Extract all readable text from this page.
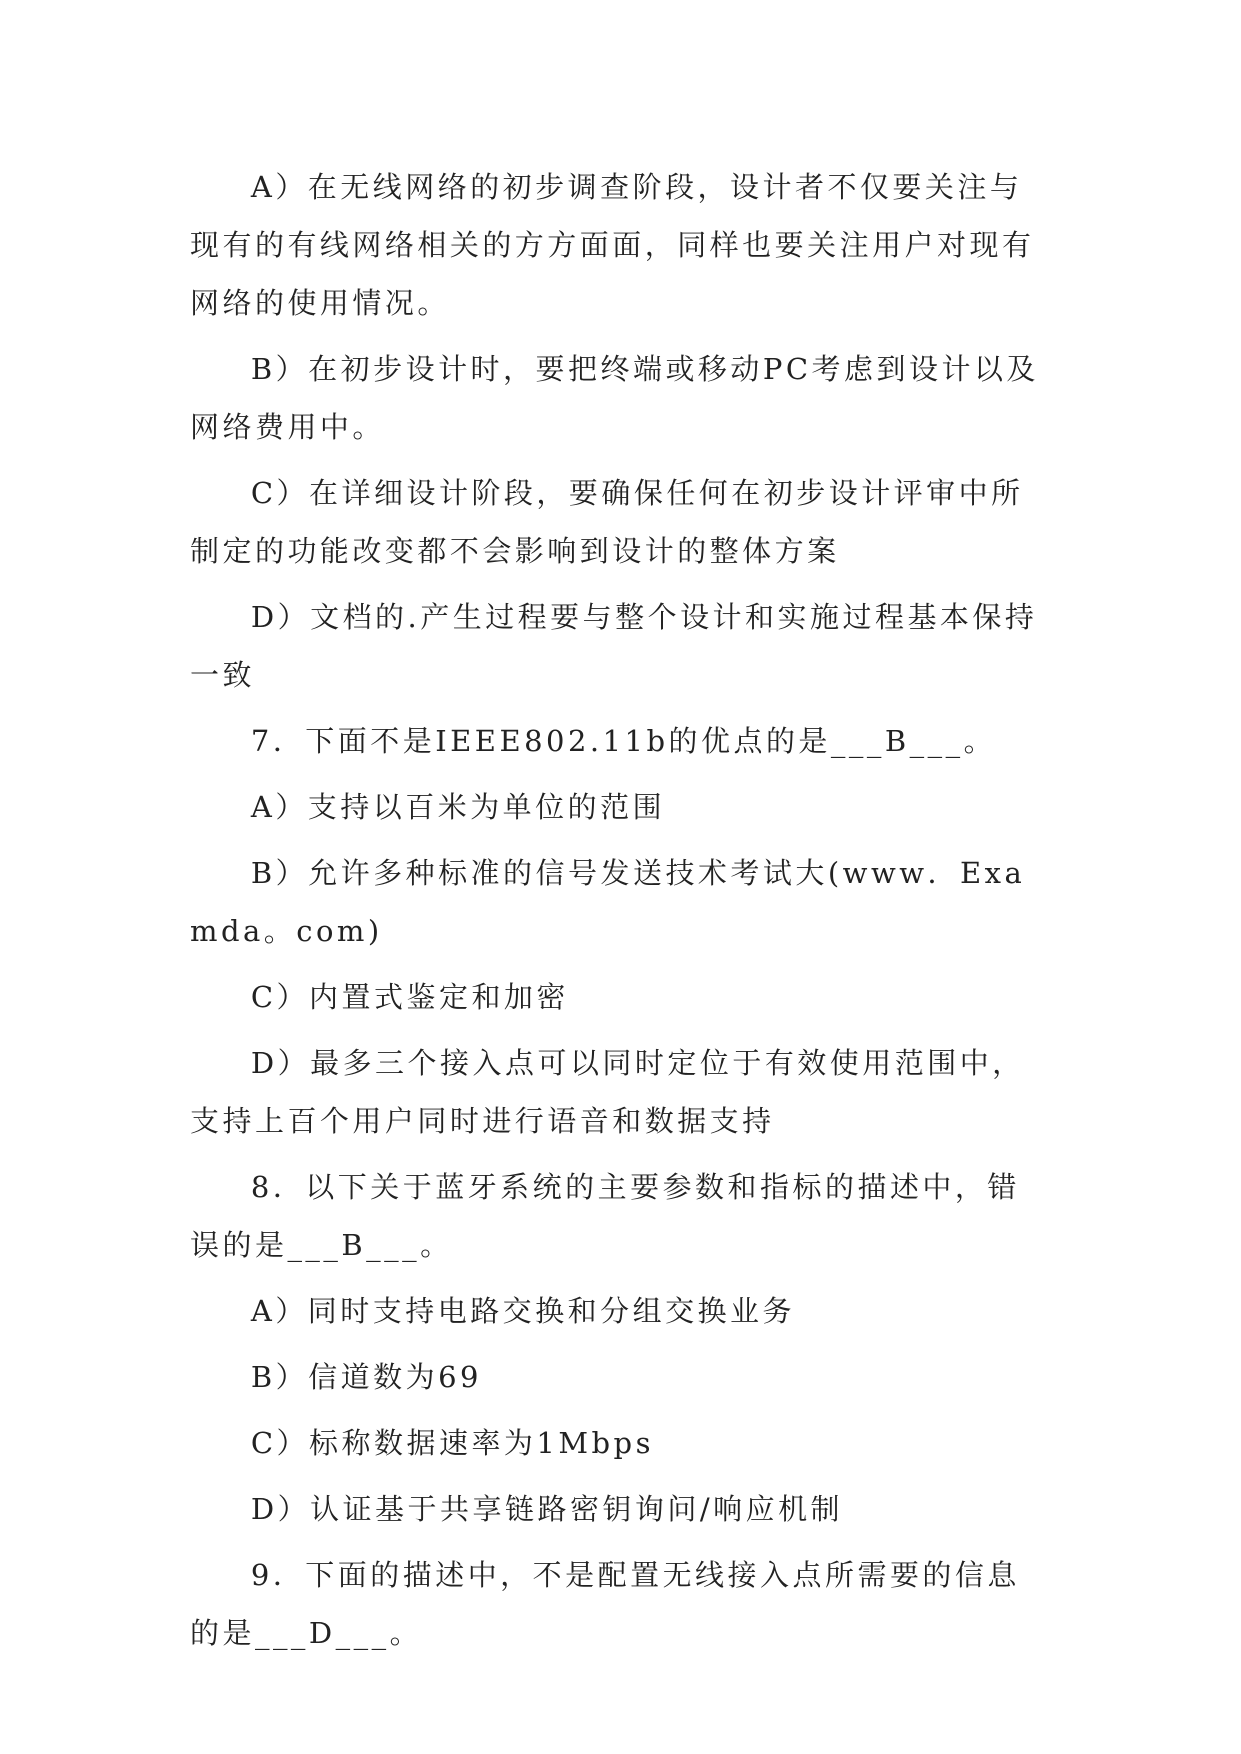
A）在无线网络的初步调查阶段，设计者不仅要关注与现有的有线网络相关的方方面面，同样也要关注用户对现有网络的使用情况。

B）在初步设计时，要把终端或移动PC考虑到设计以及网络费用中。

C）在详细设计阶段，要确保任何在初步设计评审中所制定的功能改变都不会影响到设计的整体方案

D）文档的.产生过程要与整个设计和实施过程基本保持一致

7．下面不是IEEE802.11b的优点的是___B___。

A）支持以百米为单位的范围

B）允许多种标准的信号发送技术考试大(www．Examda。com)

C）内置式鉴定和加密

D）最多三个接入点可以同时定位于有效使用范围中，支持上百个用户同时进行语音和数据支持

8．以下关于蓝牙系统的主要参数和指标的描述中，错误的是___B___。

A）同时支持电路交换和分组交换业务

B）信道数为69

C）标称数据速率为1Mbps

D）认证基于共享链路密钥询问/响应机制

9．下面的描述中，不是配置无线接入点所需要的信息的是___D___。
